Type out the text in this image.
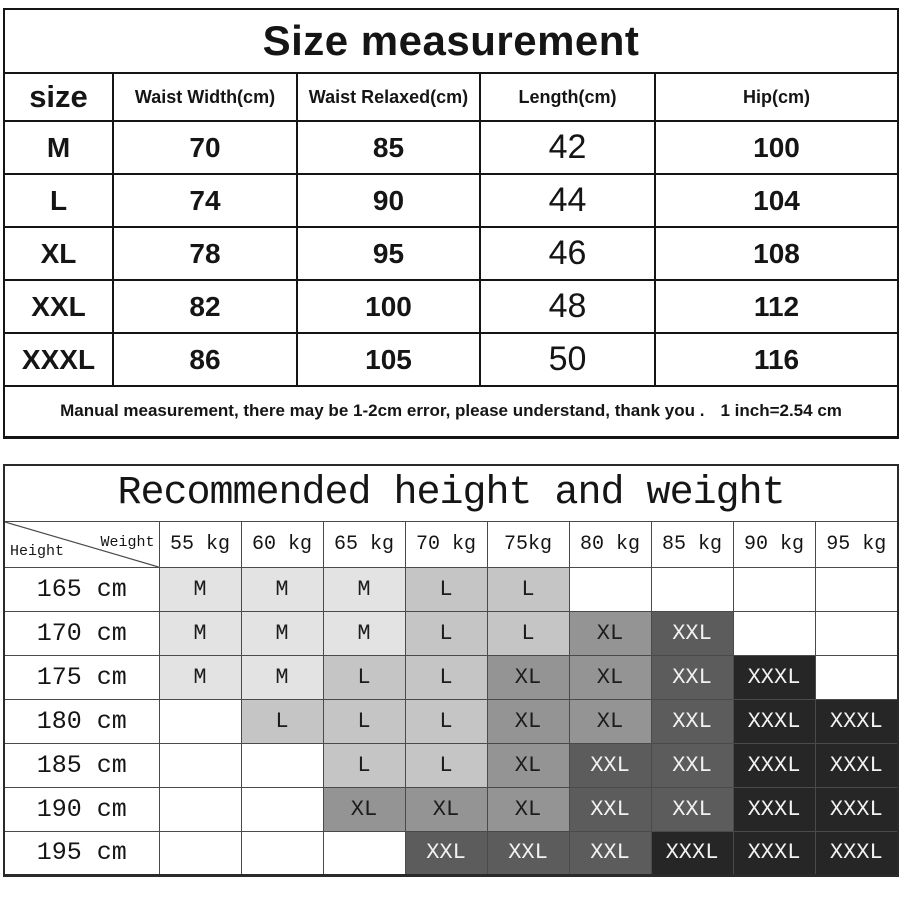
Size measurement				
size	Waist Width(cm)	Waist Relaxed(cm)	Length(cm)	Hip(cm)
M	70	85	42	100
L	74	90	44	104
XL	78	95	46	108
XXL	82	100	48	112
XXXL	86	105	50	116
Manual measurement, there may be 1-2cm error, please understand, thank you . 1 inch=2.54 cm				
Recommended height and weight									

Height
Weight	55 kg	60 kg	65 kg	70 kg	75kg	80 kg	85 kg	90 kg	95 kg
165 cm	M	M	M	L	L				
170 cm	M	M	M	L	L	XL	XXL		
175 cm	M	M	L	L	XL	XL	XXL	XXXL	
180 cm		L	L	L	XL	XL	XXL	XXXL	XXXL
185 cm			L	L	XL	XXL	XXL	XXXL	XXXL
190 cm			XL	XL	XL	XXL	XXL	XXXL	XXXL
195 cm				XXL	XXL	XXL	XXXL	XXXL	XXXL
